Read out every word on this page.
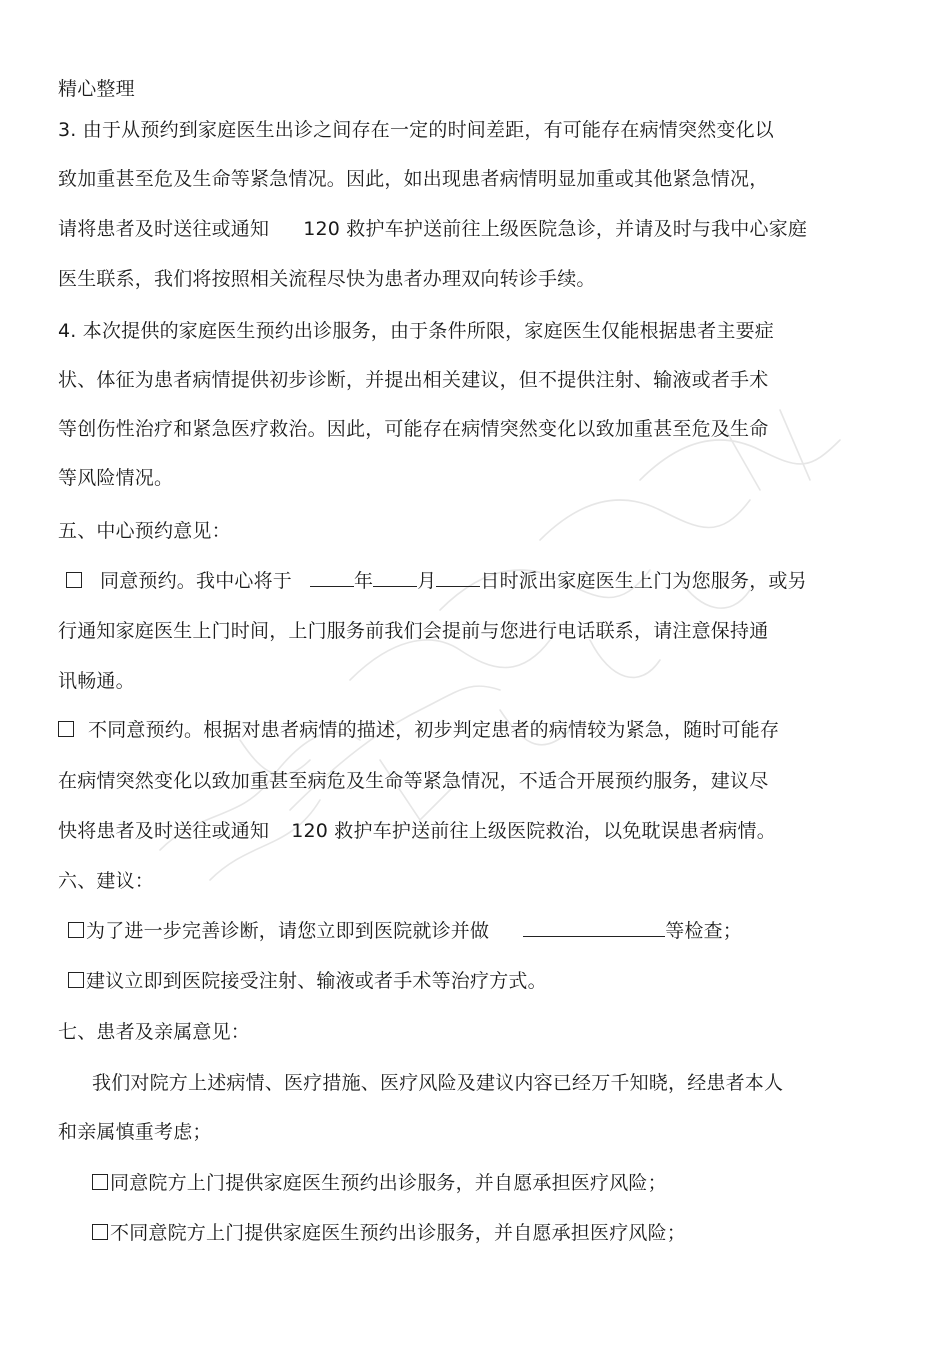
精心整理
3. 由于从预约到家庭医生出诊之间存在一定的时间差距，有可能存在病情突然变化以
致加重甚至危及生命等紧急情况。因此，如出现患者病情明显加重或其他紧急情况，
请将患者及时送往或通知 120 救护车护送前往上级医院急诊，并请及时与我中心家庭
医生联系，我们将按照相关流程尽快为患者办理双向转诊手续。
4. 本次提供的家庭医生预约出诊服务，由于条件所限，家庭医生仅能根据患者主要症
状、体征为患者病情提供初步诊断，并提出相关建议，但不提供注射、输液或者手术
等创伤性治疗和紧急医疗救治。因此，可能存在病情突然变化以致加重甚至危及生命
等风险情况。
五、中心预约意见：
同意预约。我中心将于	年 月 日时派出家庭医生上门为您服务，或另
行通知家庭医生上门时间，上门服务前我们会提前与您进行电话联系，请注意保持通
讯畅通。
不同意预约。根据对患者病情的描述，初步判定患者的病情较为紧急，随时可能存
在病情突然变化以致加重甚至病危及生命等紧急情况，不适合开展预约服务，建议尽
快将患者及时送往或通知 120 救护车护送前往上级医院救治，以免耽误患者病情。
六、建议：
为了进一步完善诊断，请您立即到医院就诊并做	等检查；
建议立即到医院接受注射、输液或者手术等治疗方式。
七、患者及亲属意见：
我们对院方上述病情、医疗措施、医疗风险及建议内容已经万千知晓，经患者本人
和亲属慎重考虑；
同意院方上门提供家庭医生预约出诊服务，并自愿承担医疗风险；
不同意院方上门提供家庭医生预约出诊服务，并自愿承担医疗风险；
